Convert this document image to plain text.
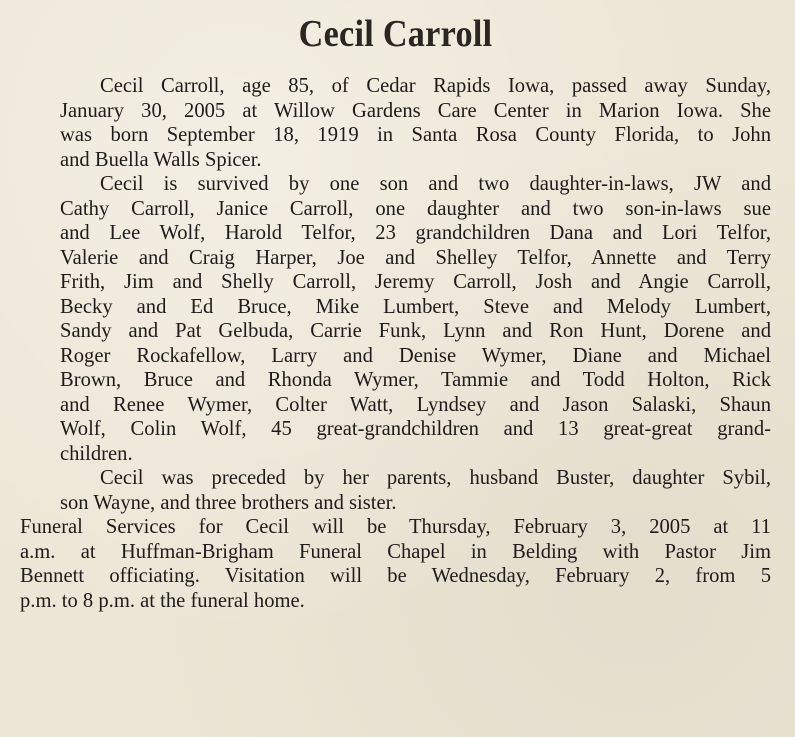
Cecil Carroll
Cecil Carroll, age 85, of Cedar Rapids Iowa, passed away Sunday,
January 30, 2005 at Willow Gardens Care Center in Marion Iowa. She
was born September 18, 1919 in Santa Rosa County Florida, to John
and Buella Walls Spicer.
Cecil is survived by one son and two daughter-in-laws, JW and
Cathy Carroll, Janice Carroll, one daughter and two son-in-laws sue
and Lee Wolf, Harold Telfor, 23 grandchildren Dana and Lori Telfor,
Valerie and Craig Harper, Joe and Shelley Telfor, Annette and Terry
Frith, Jim and Shelly Carroll, Jeremy Carroll, Josh and Angie Carroll,
Becky and Ed Bruce, Mike Lumbert, Steve and Melody Lumbert,
Sandy and Pat Gelbuda, Carrie Funk, Lynn and Ron Hunt, Dorene and
Roger Rockafellow, Larry and Denise Wymer, Diane and Michael
Brown, Bruce and Rhonda Wymer, Tammie and Todd Holton, Rick
and Renee Wymer, Colter Watt, Lyndsey and Jason Salaski, Shaun
Wolf, Colin Wolf, 45 great-grandchildren and 13 great-great grand-
children.
Cecil was preceded by her parents, husband Buster, daughter Sybil,
son Wayne, and three brothers and sister.
Funeral Services for Cecil will be Thursday, February 3, 2005 at 11
a.m. at Huffman-Brigham Funeral Chapel in Belding with Pastor Jim
Bennett officiating. Visitation will be Wednesday, February 2, from 5
p.m. to 8 p.m. at the funeral home.
